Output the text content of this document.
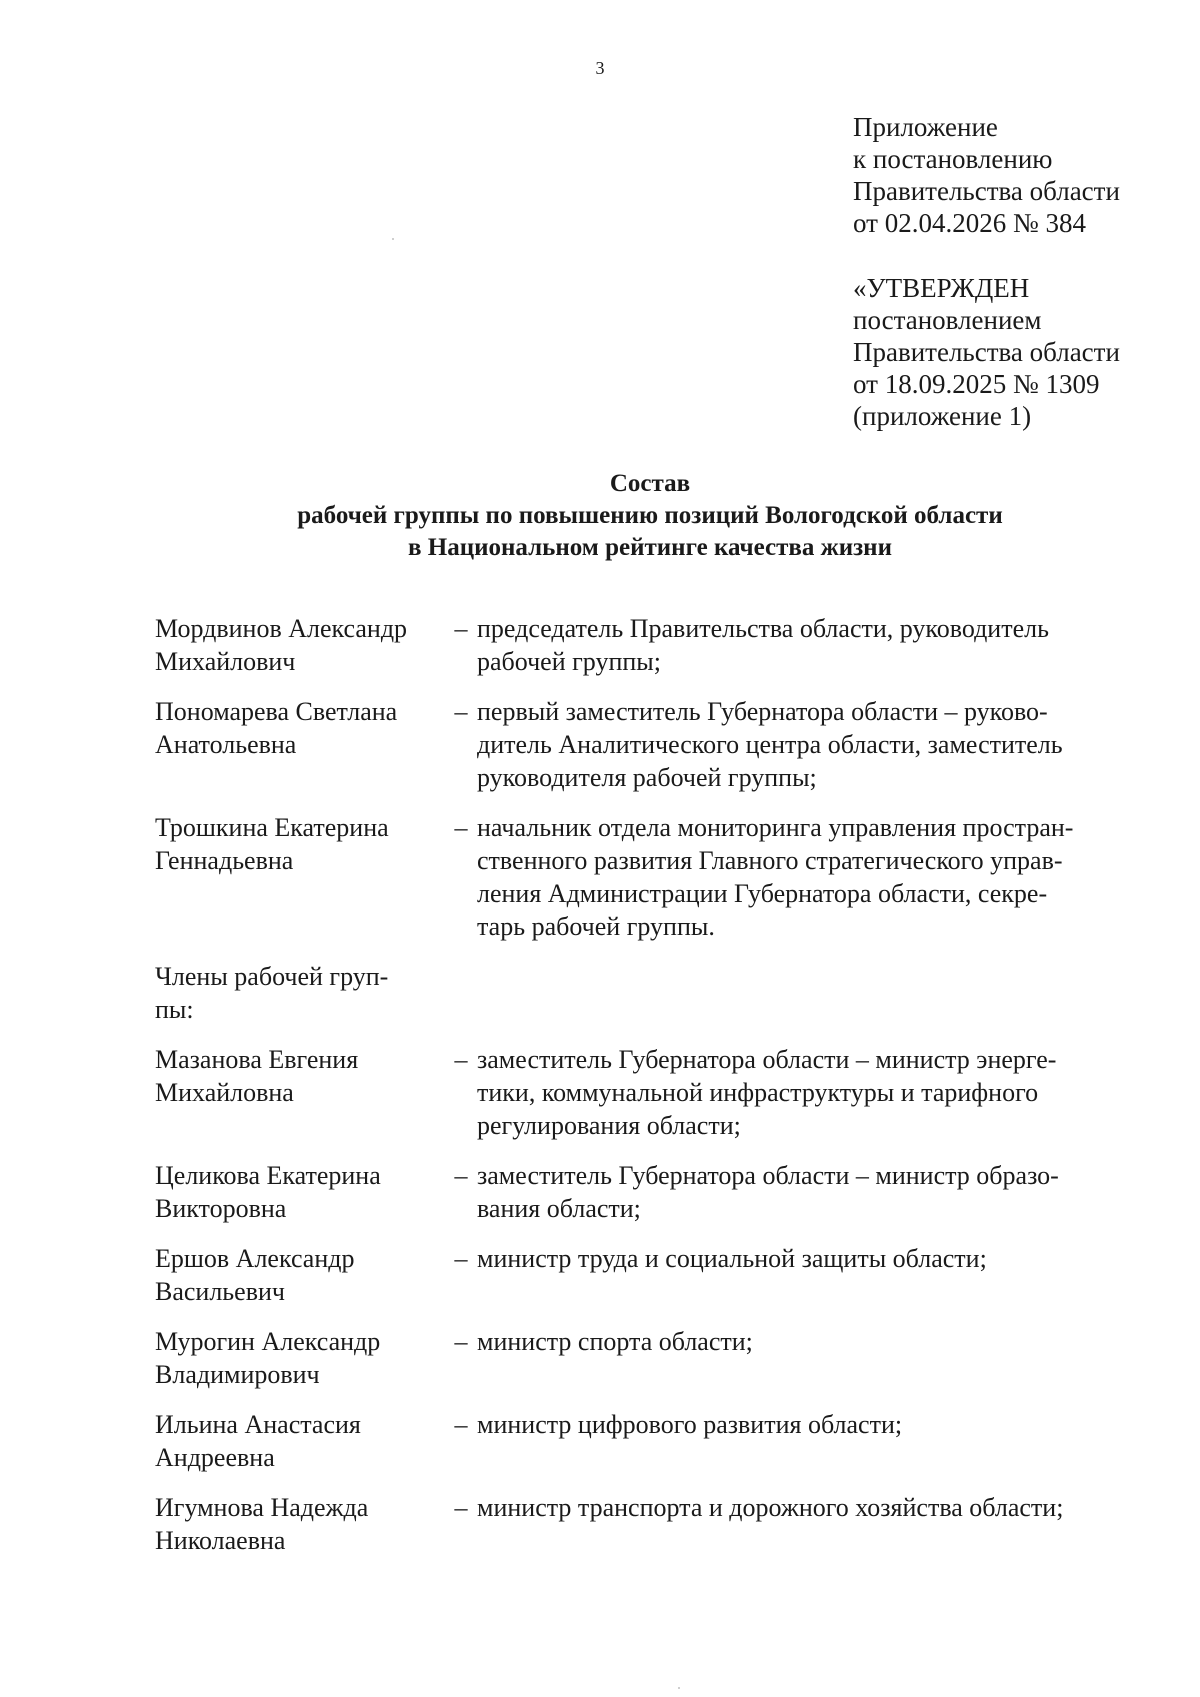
3
Приложение
к постановлению
Правительства области
от 02.04.2026 № 384
«УТВЕРЖДЕН
постановлением
Правительства области
от 18.09.2025 № 1309
(приложение 1)
Состав
рабочей группы по повышению позиций Вологодской области
в Национальном рейтинге качества жизни
Мордвинов Александр
Михайлович
– председатель Правительства области, руководитель
рабочей группы;
Пономарева Светлана
Анатольевна
– первый заместитель Губернатора области – руково-
дитель Аналитического центра области, заместитель
руководителя рабочей группы;
Трошкина Екатерина
Геннадьевна
– начальник отдела мониторинга управления простран-
ственного развития Главного стратегического управ-
ления Администрации Губернатора области, секре-
тарь рабочей группы.
Члены рабочей груп-
пы:
Мазанова Евгения
Михайловна
– заместитель Губернатора области – министр энерге-
тики, коммунальной инфраструктуры и тарифного
регулирования области;
Целикова Екатерина
Викторовна
– заместитель Губернатора области – министр образо-
вания области;
Ершов Александр
Васильевич
– министр труда и социальной защиты области;
Мурогин Александр
Владимирович
– министр спорта области;
Ильина Анастасия
Андреевна
– министр цифрового развития области;
Игумнова Надежда
Николаевна
– министр транспорта и дорожного хозяйства области;
